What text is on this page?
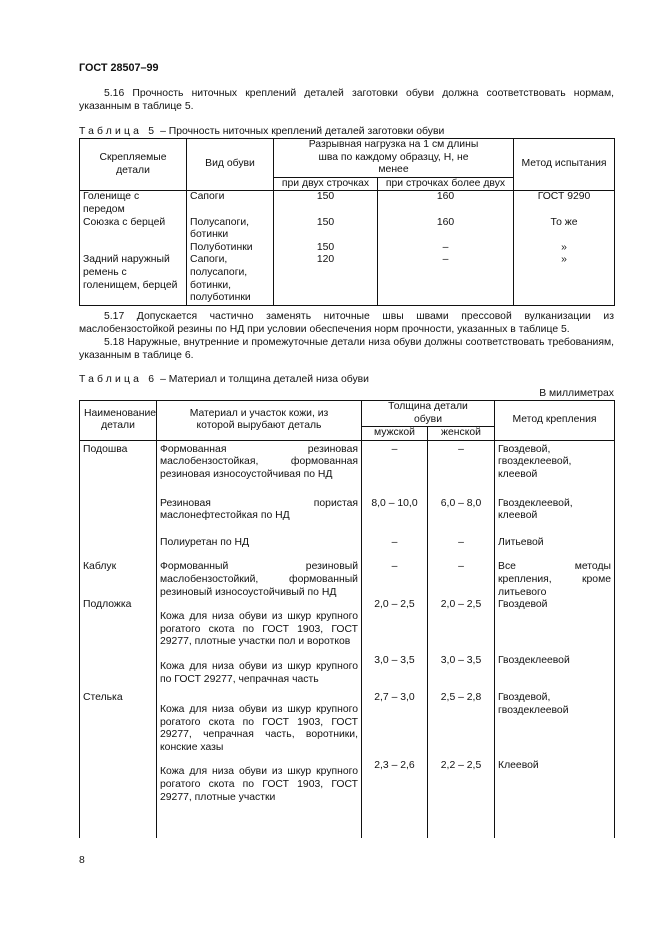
ГОСТ 28507–99
5.16 Прочность ниточных креплений деталей заготовки обуви должна соответствовать нормам, указанным в таблице 5.
Таблица 5 – Прочность ниточных креплений деталей заготовки обуви
Скрепляемые детали	Вид обуви	Разрывная нагрузка на 1 см длины шва по каждому образцу, Н, не менее		Метод испытания
		при двух строчках	при строчках более двух	
Голенище с передом	Сапоги	150	160	ГОСТ 9290
Союзка с берцей	Полусапоги, ботинки	150	160	То же
	Полуботинки	150	–	»
Задний наружный ремень с голенищем, берцей	Сапоги, полусапоги, ботинки, полуботинки	120	–	»
5.17 Допускается частично заменять ниточные швы швами прессовой вулканизации из маслобензостойкой резины по НД при условии обеспечения норм прочности, указанных в таблице 5.
5.18 Наружные, внутренние и промежуточные детали низа обуви должны соответствовать требованиям, указанным в таблице 6.
Таблица 6 – Материал и толщина деталей низа обуви
В миллиметрах
Наименование детали	Материал и участок кожи, из которой вырубают деталь	Толщина детали обуви		Метод крепления
		мужской	женской	
Подошва	Формованная резиновая маслобензостойкая, формованная резиновая износоустойчивая по НД	–	–	Гвоздевой, гвоздеклеевой, клеевой
	Резиновая пористая маслонефтестойкая по НД	8,0 – 10,0	6,0 – 8,0	Гвоздеклеевой, клеевой
	Полиуретан по НД	–	–	Литьевой
Каблук	Формованный резиновый маслобензостойкий, формованный резиновый износоустойчивый по НД	–	–	Все методы крепления, кроме литьевого
Подложка	Кожа для низа обуви из шкур крупного рогатого скота по ГОСТ 1903, ГОСТ 29277, плотные участки пол и воротков	2,0 – 2,5	2,0 – 2,5	Гвоздевой
	Кожа для низа обуви из шкур крупного по ГОСТ 29277, чепрачная часть	3,0 – 3,5	3,0 – 3,5	Гвоздеклеевой
Стелька	Кожа для низа обуви из шкур крупного рогатого скота по ГОСТ 1903, ГОСТ 29277, чепрачная часть, воротники, конские хазы	2,7 – 3,0	2,5 – 2,8	Гвоздевой, гвоздеклеевой
	Кожа для низа обуви из шкур крупного рогатого скота по ГОСТ 1903, ГОСТ 29277, плотные участки	2,3 – 2,6	2,2 – 2,5	Клеевой
8
